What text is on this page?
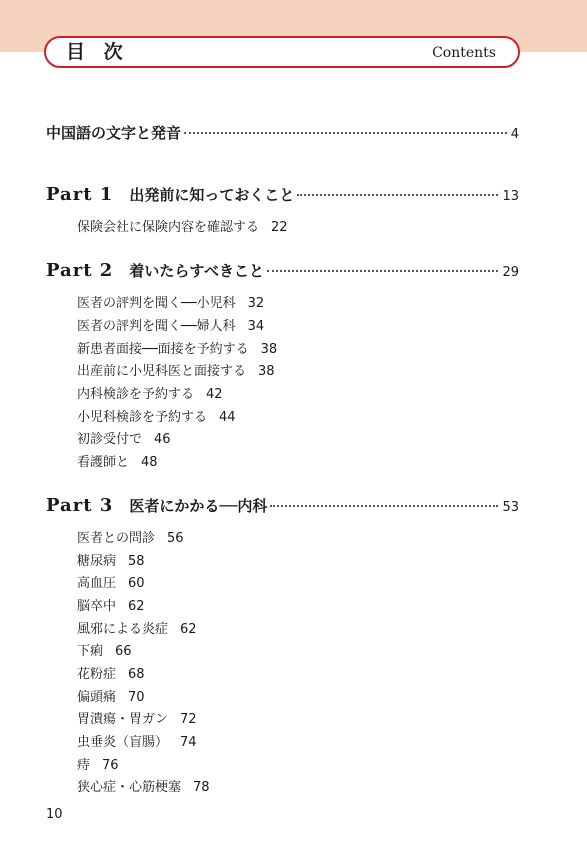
目 次	Contents
中国語の文字と発音	4
Part 1 出発前に知っておくこと	13
保険会社に保険内容を確認する 22
Part 2 着いたらすべきこと	29
医者の評判を聞く──小児科 32
医者の評判を聞く──婦人科 34
新患者面接──面接を予約する 38
出産前に小児科医と面接する 38
内科検診を予約する 42
小児科検診を予約する 44
初診受付で 46
看護師と 48
Part 3 医者にかかる──内科	53
医者との問診 56
糖尿病 58
高血圧 60
脳卒中 62
風邪による炎症 62
下痢 66
花粉症 68
偏頭痛 70
胃潰瘍・胃ガン 72
虫垂炎（盲腸） 74
痔 76
狭心症・心筋梗塞 78
10
